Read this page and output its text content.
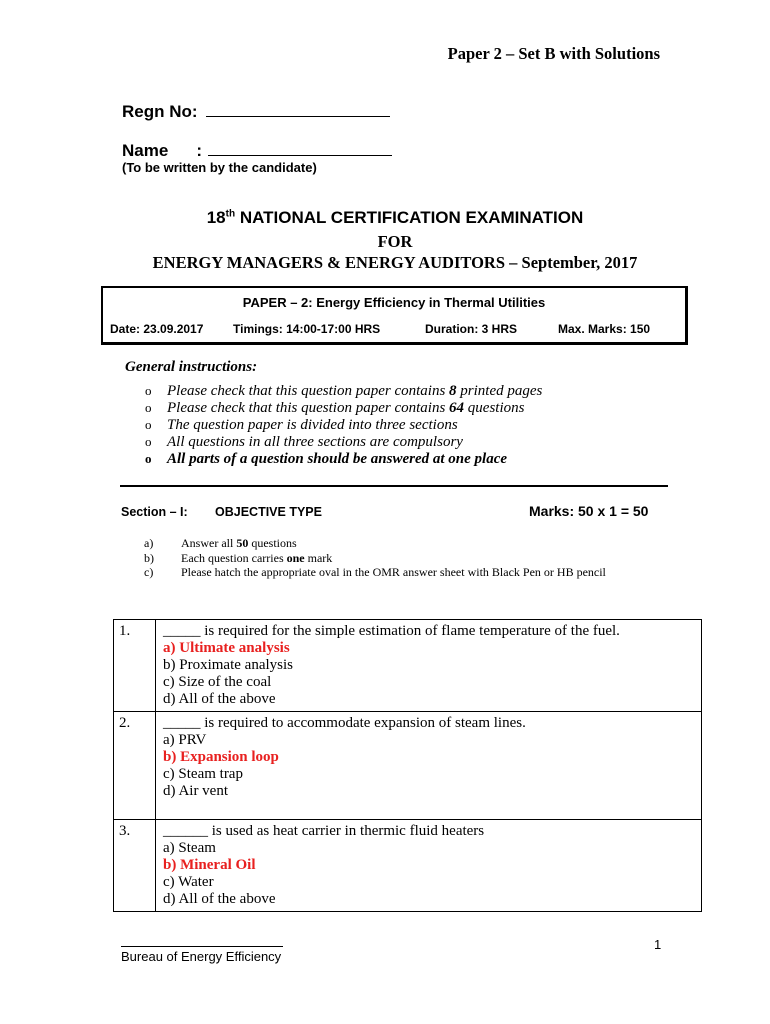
Paper 2 – Set B with Solutions
Regn No:
Name :
(To be written by the candidate)
18th NATIONAL CERTIFICATION EXAMINATION
FOR
ENERGY MANAGERS & ENERGY AUDITORS – September, 2017
PAPER – 2: Energy Efficiency in Thermal Utilities
Date: 23.09.2017 Timings: 14:00-17:00 HRS	Duration: 3 HRS	Max. Marks: 150
General instructions:
o Please check that this question paper contains 8 printed pages
o Please check that this question paper contains 64 questions
o The question paper is divided into three sections
o All questions in all three sections are compulsory
o All parts of a question should be answered at one place
Section – I: OBJECTIVE TYPE	Marks: 50 x 1 = 50
a) Answer all 50 questions
b) Each question carries one mark
c) Please hatch the appropriate oval in the OMR answer sheet with Black Pen or HB pencil
1.	_____ is required for the simple estimation of flame temperature of the fuel.
a) Ultimate analysis
b) Proximate analysis
c) Size of the coal
d) All of the above

2.	_____ is required to accommodate expansion of steam lines.
a) PRV
b) Expansion loop
c) Steam trap
d) Air vent

3.	______ is used as heat carrier in thermic fluid heaters
a) Steam
b) Mineral Oil
c) Water
d) All of the above
Bureau of Energy Efficiency
1
